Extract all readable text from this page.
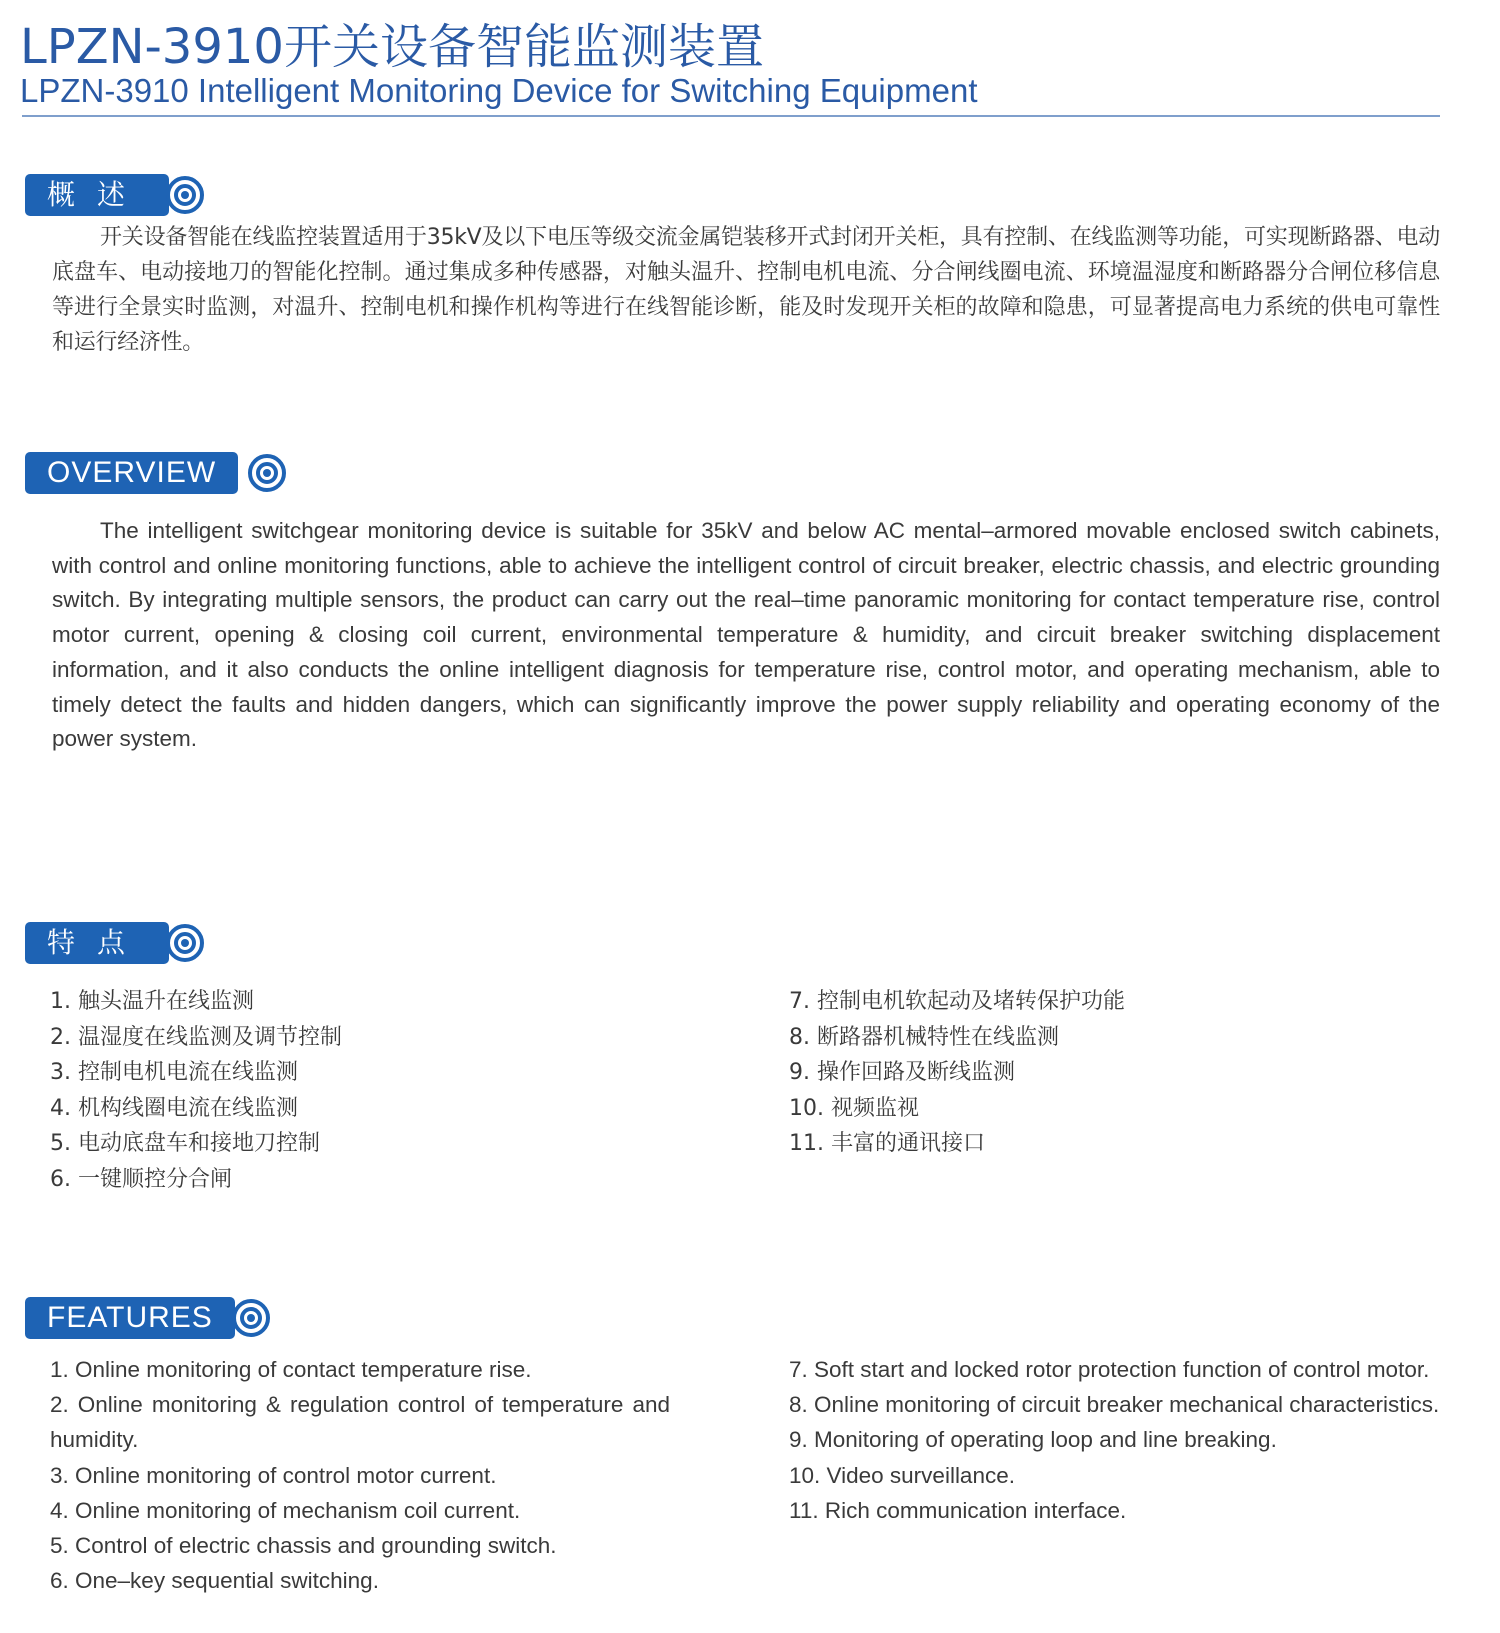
LPZN-3910开关设备智能监测装置
LPZN-3910 Intelligent Monitoring Device for Switching Equipment
概述

开关设备智能在线监控装置适用于35kV及以下电压等级交流金属铠装移开式封闭开关柜，具有控制、在线监测等功能，可实现断路器、电动底盘车、电动接地刀的智能化控制。通过集成多种传感器，对触头温升、控制电机电流、分合闸线圈电流、环境温湿度和断路器分合闸位移信息等进行全景实时监测，对温升、控制电机和操作机构等进行在线智能诊断，能及时发现开关柜的故障和隐患，可显著提高电力系统的供电可靠性和运行经济性。

OVERVIEW

The intelligent switchgear monitoring device is suitable for 35kV and below AC mental–armored movable enclosed switch cabinets, with control and online monitoring functions, able to achieve the intelligent control of circuit breaker, electric chassis, and electric grounding switch. By integrating multiple sensors, the product can carry out the real–time panoramic monitoring for contact temperature rise, control motor current, opening & closing coil current, environmental temperature & humidity, and circuit breaker switching displacement information, and it also conducts the online intelligent diagnosis for temperature rise, control motor, and operating mechanism, able to timely detect the faults and hidden dangers, which can significantly improve the power supply reliability and operating economy of the power system.

特点
1. 触头温升在线监测
2. 温湿度在线监测及调节控制
3. 控制电机电流在线监测
4. 机构线圈电流在线监测
5. 电动底盘车和接地刀控制
6. 一键顺控分合闸
7. 控制电机软起动及堵转保护功能
8. 断路器机械特性在线监测
9. 操作回路及断线监测
10. 视频监视
11. 丰富的通讯接口
FEATURES
1. Online monitoring of contact temperature rise.
2. Online monitoring & regulation control of temperature and humidity.
3. Online monitoring of control motor current.
4. Online monitoring of mechanism coil current.
5. Control of electric chassis and grounding switch.
6. One–key sequential switching.
7. Soft start and locked rotor protection function of control motor.
8. Online monitoring of circuit breaker mechanical characteristics.
9. Monitoring of operating loop and line breaking.
10. Video surveillance.
11. Rich communication interface.
